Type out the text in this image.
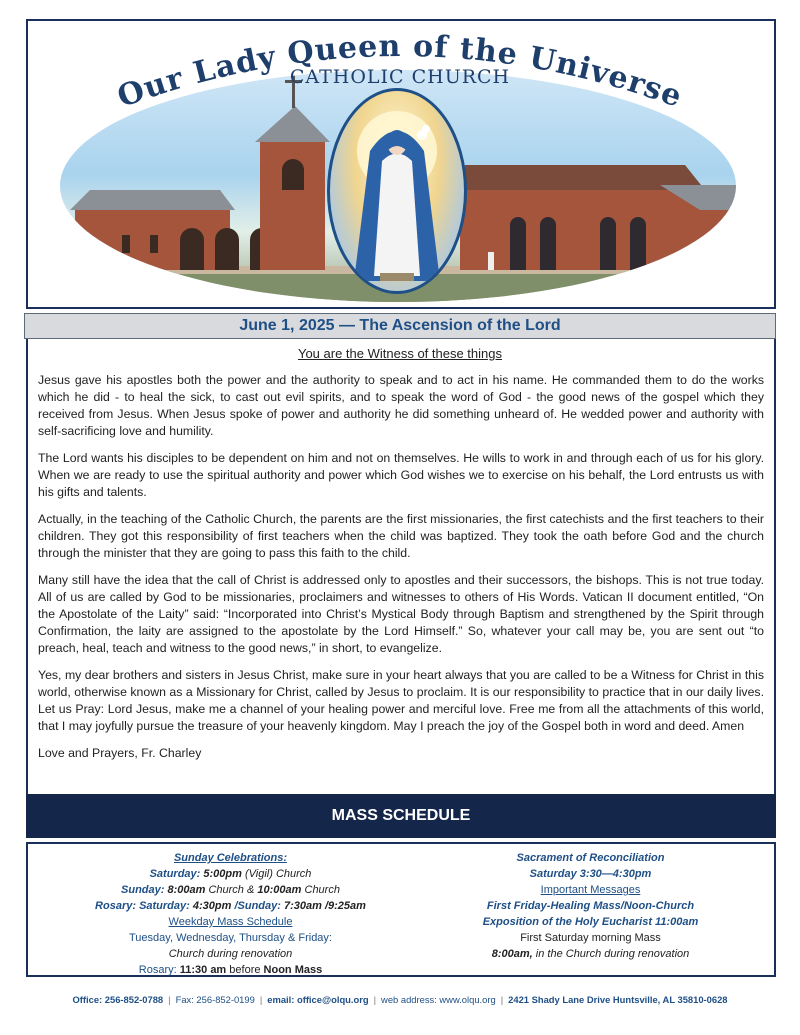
Our Lady Queen of the Universe
CATHOLIC CHURCH
June 1, 2025 — The Ascension of the Lord
You are the Witness of these things

Jesus gave his apostles both the power and the authority to speak and to act in his name. He commanded them to do the works which he did - to heal the sick, to cast out evil spirits, and to speak the word of God - the good news of the gospel which they received from Jesus. When Jesus spoke of power and authority he did something unheard of. He wedded power and authority with self-sacrificing love and humility.

The Lord wants his disciples to be dependent on him and not on themselves. He wills to work in and through each of us for his glory. When we are ready to use the spiritual authority and power which God wishes we to exercise on his behalf, the Lord entrusts us with his gifts and talents.

Actually, in the teaching of the Catholic Church, the parents are the first missionaries, the first catechists and the first teachers to their children. They got this responsibility of first teachers when the child was baptized. They took the oath before God and the church through the minister that they are going to pass this faith to the child.

Many still have the idea that the call of Christ is addressed only to apostles and their successors, the bishops. This is not true today. All of us are called by God to be missionaries, proclaimers and witnesses to others of His Words. Vatican II document entitled, “On the Apostolate of the Laity” said: “Incorporated into Christ’s Mystical Body through Baptism and strengthened by the Spirit through Confirmation, the laity are assigned to the apostolate by the Lord Himself.” So, whatever your call may be, you are sent out “to preach, heal, teach and witness to the good news,” in short, to evangelize.

Yes, my dear brothers and sisters in Jesus Christ, make sure in your heart always that you are called to be a Witness for Christ in this world, otherwise known as a Missionary for Christ, called by Jesus to proclaim. It is our responsibility to practice that in our daily lives. Let us Pray: Lord Jesus, make me a channel of your healing power and merciful love. Free me from all the attachments of this world, that I may joyfully pursue the treasure of your heavenly kingdom. May I preach the joy of the Gospel both in word and deed. Amen

Love and Prayers, Fr. Charley
MASS SCHEDULE
Sunday Celebrations:
Saturday: 5:00pm (Vigil) Church
Sunday: 8:00am Church & 10:00am Church
Rosary: Saturday: 4:30pm /Sunday: 7:30am /9:25am
Weekday Mass Schedule
Tuesday, Wednesday, Thursday & Friday:
Church during renovation
Rosary: 11:30 am before Noon Mass
Sacrament of Reconciliation
Saturday 3:30—4:30pm
Important Messages
First Friday-Healing Mass/Noon-Church
Exposition of the Holy Eucharist 11:00am
First Saturday morning Mass
8:00am, in the Church during renovation
Office: 256-852-0788 | Fax: 256-852-0199 | email: office@olqu.org | web address: www.olqu.org | 2421 Shady Lane Drive Huntsville, AL 35810-0628
